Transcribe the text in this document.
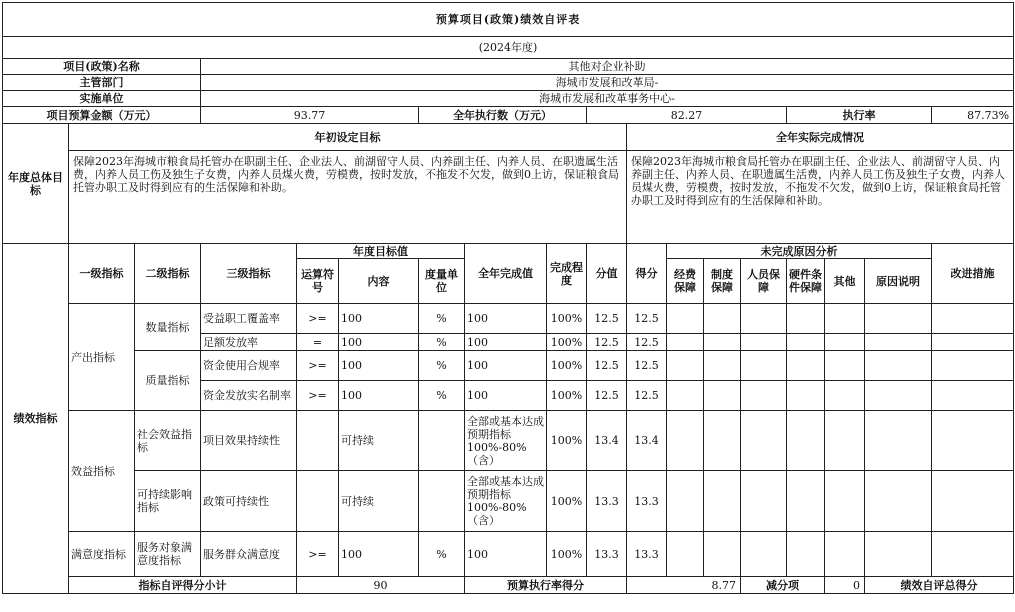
预算项目(政策)绩效自评表																		
(2024年度)																		
项目(政策)名称			其他对企业补助															
主管部门			海城市发展和改革局-															
实施单位			海城市发展和改革事务中心-															
项目预算金额（万元）			93.77			全年执行数（万元）			82.27					执行率			87.73%	
年度总体目标	年初设定目标									全年实际完成情况								
	保障2023年海城市粮食局托管办在职副主任、企业法人、前湖留守人员、内养副主任、内养人员、在职遗属生活费，内养人员工伤及独生子女费，内养人员煤火费，劳模费，按时发放，不拖发不欠发，做到0上访，保证粮食局托管办职工及时得到应有的生活保障和补助。									保障2023年海城市粮食局托管办在职副主任、企业法人、前湖留守人员、内养副主任、内养人员、在职遗属生活费，内养人员工伤及独生子女费，内养人员煤火费，劳模费，按时发放，不拖发不欠发，做到0上访，保证粮食局托管办职工及时得到应有的生活保障和补助。								
绩效指标	一级指标	二级指标	三级指标	年度目标值			全年完成值	完成程度	分值	得分	未完成原因分析						改进措施	
				运算符号	内容	度量单位					经费保障	制度保障	人员保障	硬件条件保障	其他	原因说明		
	产出指标	数量指标	受益职工覆盖率	>=	100	%	100	100%	12.5	12.5								
			足额发放率	=	100	%	100	100%	12.5	12.5								
		质量指标	资金使用合规率	>=	100	%	100	100%	12.5	12.5								
			资金发放实名制率	>=	100	%	100	100%	12.5	12.5								
	效益指标	社会效益指标	项目效果持续性		可持续		全部或基本达成预期指标100%-80%（含）	100%	13.4	13.4								
		可持续影响指标	政策可持续性		可持续		全部或基本达成预期指标100%-80%（含）	100%	13.3	13.3								
	满意度指标	服务对象满意度指标	服务群众满意度	>=	100	%	100	100%	13.3	13.3								
	指标自评得分小计			90			预算执行率得分			8.77			减分项		0	绩效自评总得分	
